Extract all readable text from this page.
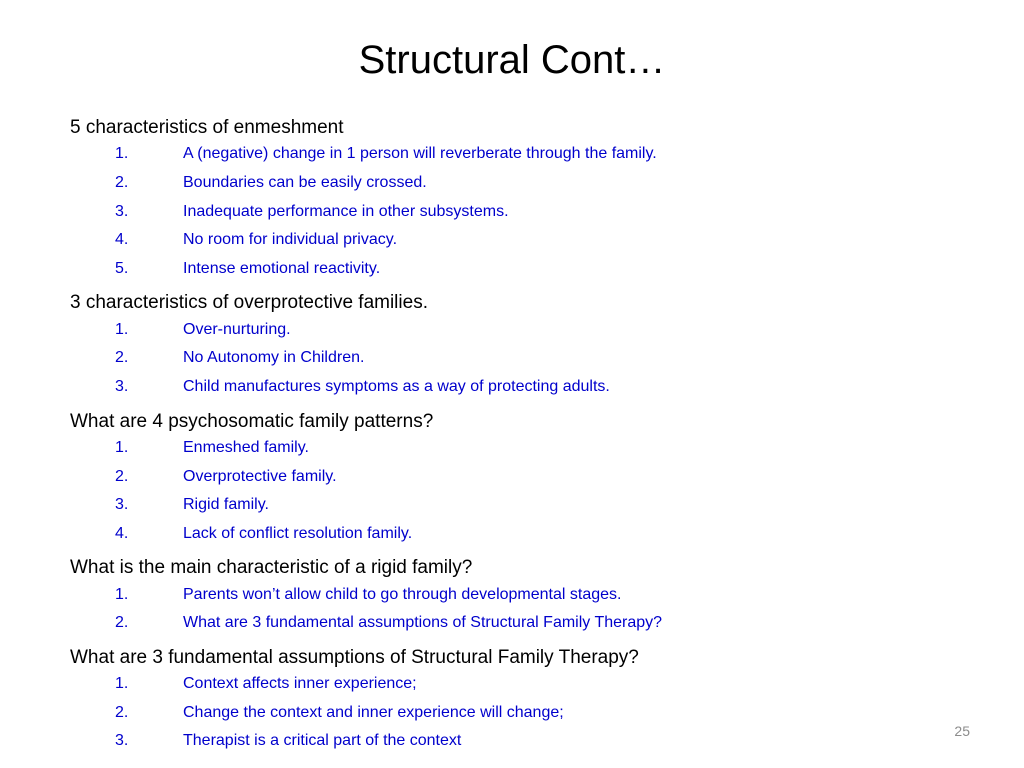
Structural Cont…
5 characteristics of enmeshment
1.	A (negative) change in 1 person will reverberate through the family.
2.	Boundaries can be easily crossed.
3.	Inadequate performance in other subsystems.
4.	No room for individual privacy.
5.	Intense emotional reactivity.
3 characteristics of overprotective families.
1.	Over-nurturing.
2.	No Autonomy in Children.
3.	Child manufactures symptoms as a way of protecting adults.
What are 4 psychosomatic family patterns?
1.	Enmeshed family.
2.	Overprotective family.
3.	Rigid family.
4.	Lack of conflict resolution family.
What is the main characteristic of a rigid family?
1.	Parents won’t allow child to go through developmental stages.
2.	What are 3 fundamental assumptions of Structural Family Therapy?
What are 3 fundamental assumptions of Structural Family Therapy?
1.	Context affects inner experience;
2.	Change the context and inner experience will change;
3.	Therapist is a critical part of the context
25
